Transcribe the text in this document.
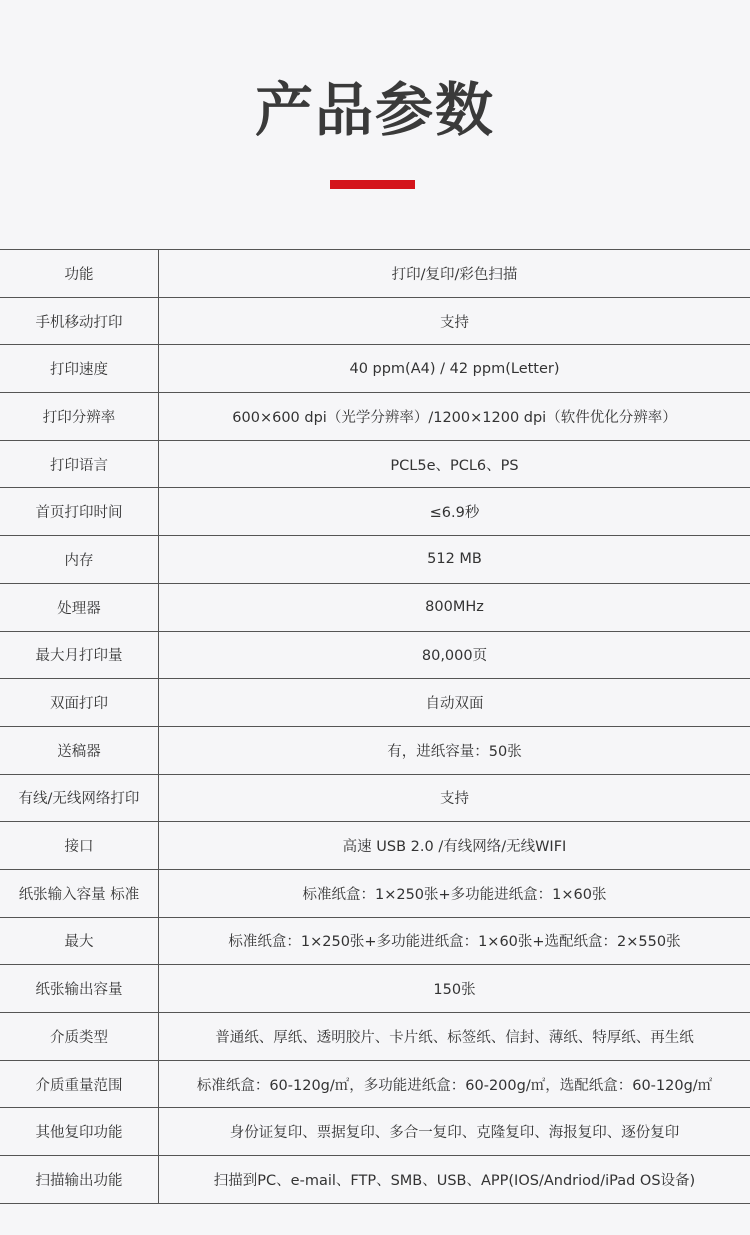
产品参数
功能	打印/复印/彩色扫描
手机移动打印	支持
打印速度	40 ppm(A4) / 42 ppm(Letter)
打印分辨率	600×600 dpi（光学分辨率）/1200×1200 dpi（软件优化分辨率）
打印语言	PCL5e、PCL6、PS
首页打印时间	≤6.9秒
内存	512 MB
处理器	800MHz
最大月打印量	80,000页
双面打印	自动双面
送稿器	有，进纸容量：50张
有线/无线网络打印	支持
接口	高速 USB 2.0 /有线网络/无线WIFI
纸张输入容量 标准	标准纸盒：1×250张+多功能进纸盒：1×60张
最大	标准纸盒：1×250张+多功能进纸盒：1×60张+选配纸盒：2×550张
纸张输出容量	150张
介质类型	普通纸、厚纸、透明胶片、卡片纸、标签纸、信封、薄纸、特厚纸、再生纸
介质重量范围	标准纸盒：60-120g/㎡，多功能进纸盒：60-200g/㎡，选配纸盒：60-120g/㎡
其他复印功能	身份证复印、票据复印、多合一复印、克隆复印、海报复印、逐份复印
扫描输出功能	扫描到PC、e-mail、FTP、SMB、USB、APP(IOS/Andriod/iPad OS设备)
